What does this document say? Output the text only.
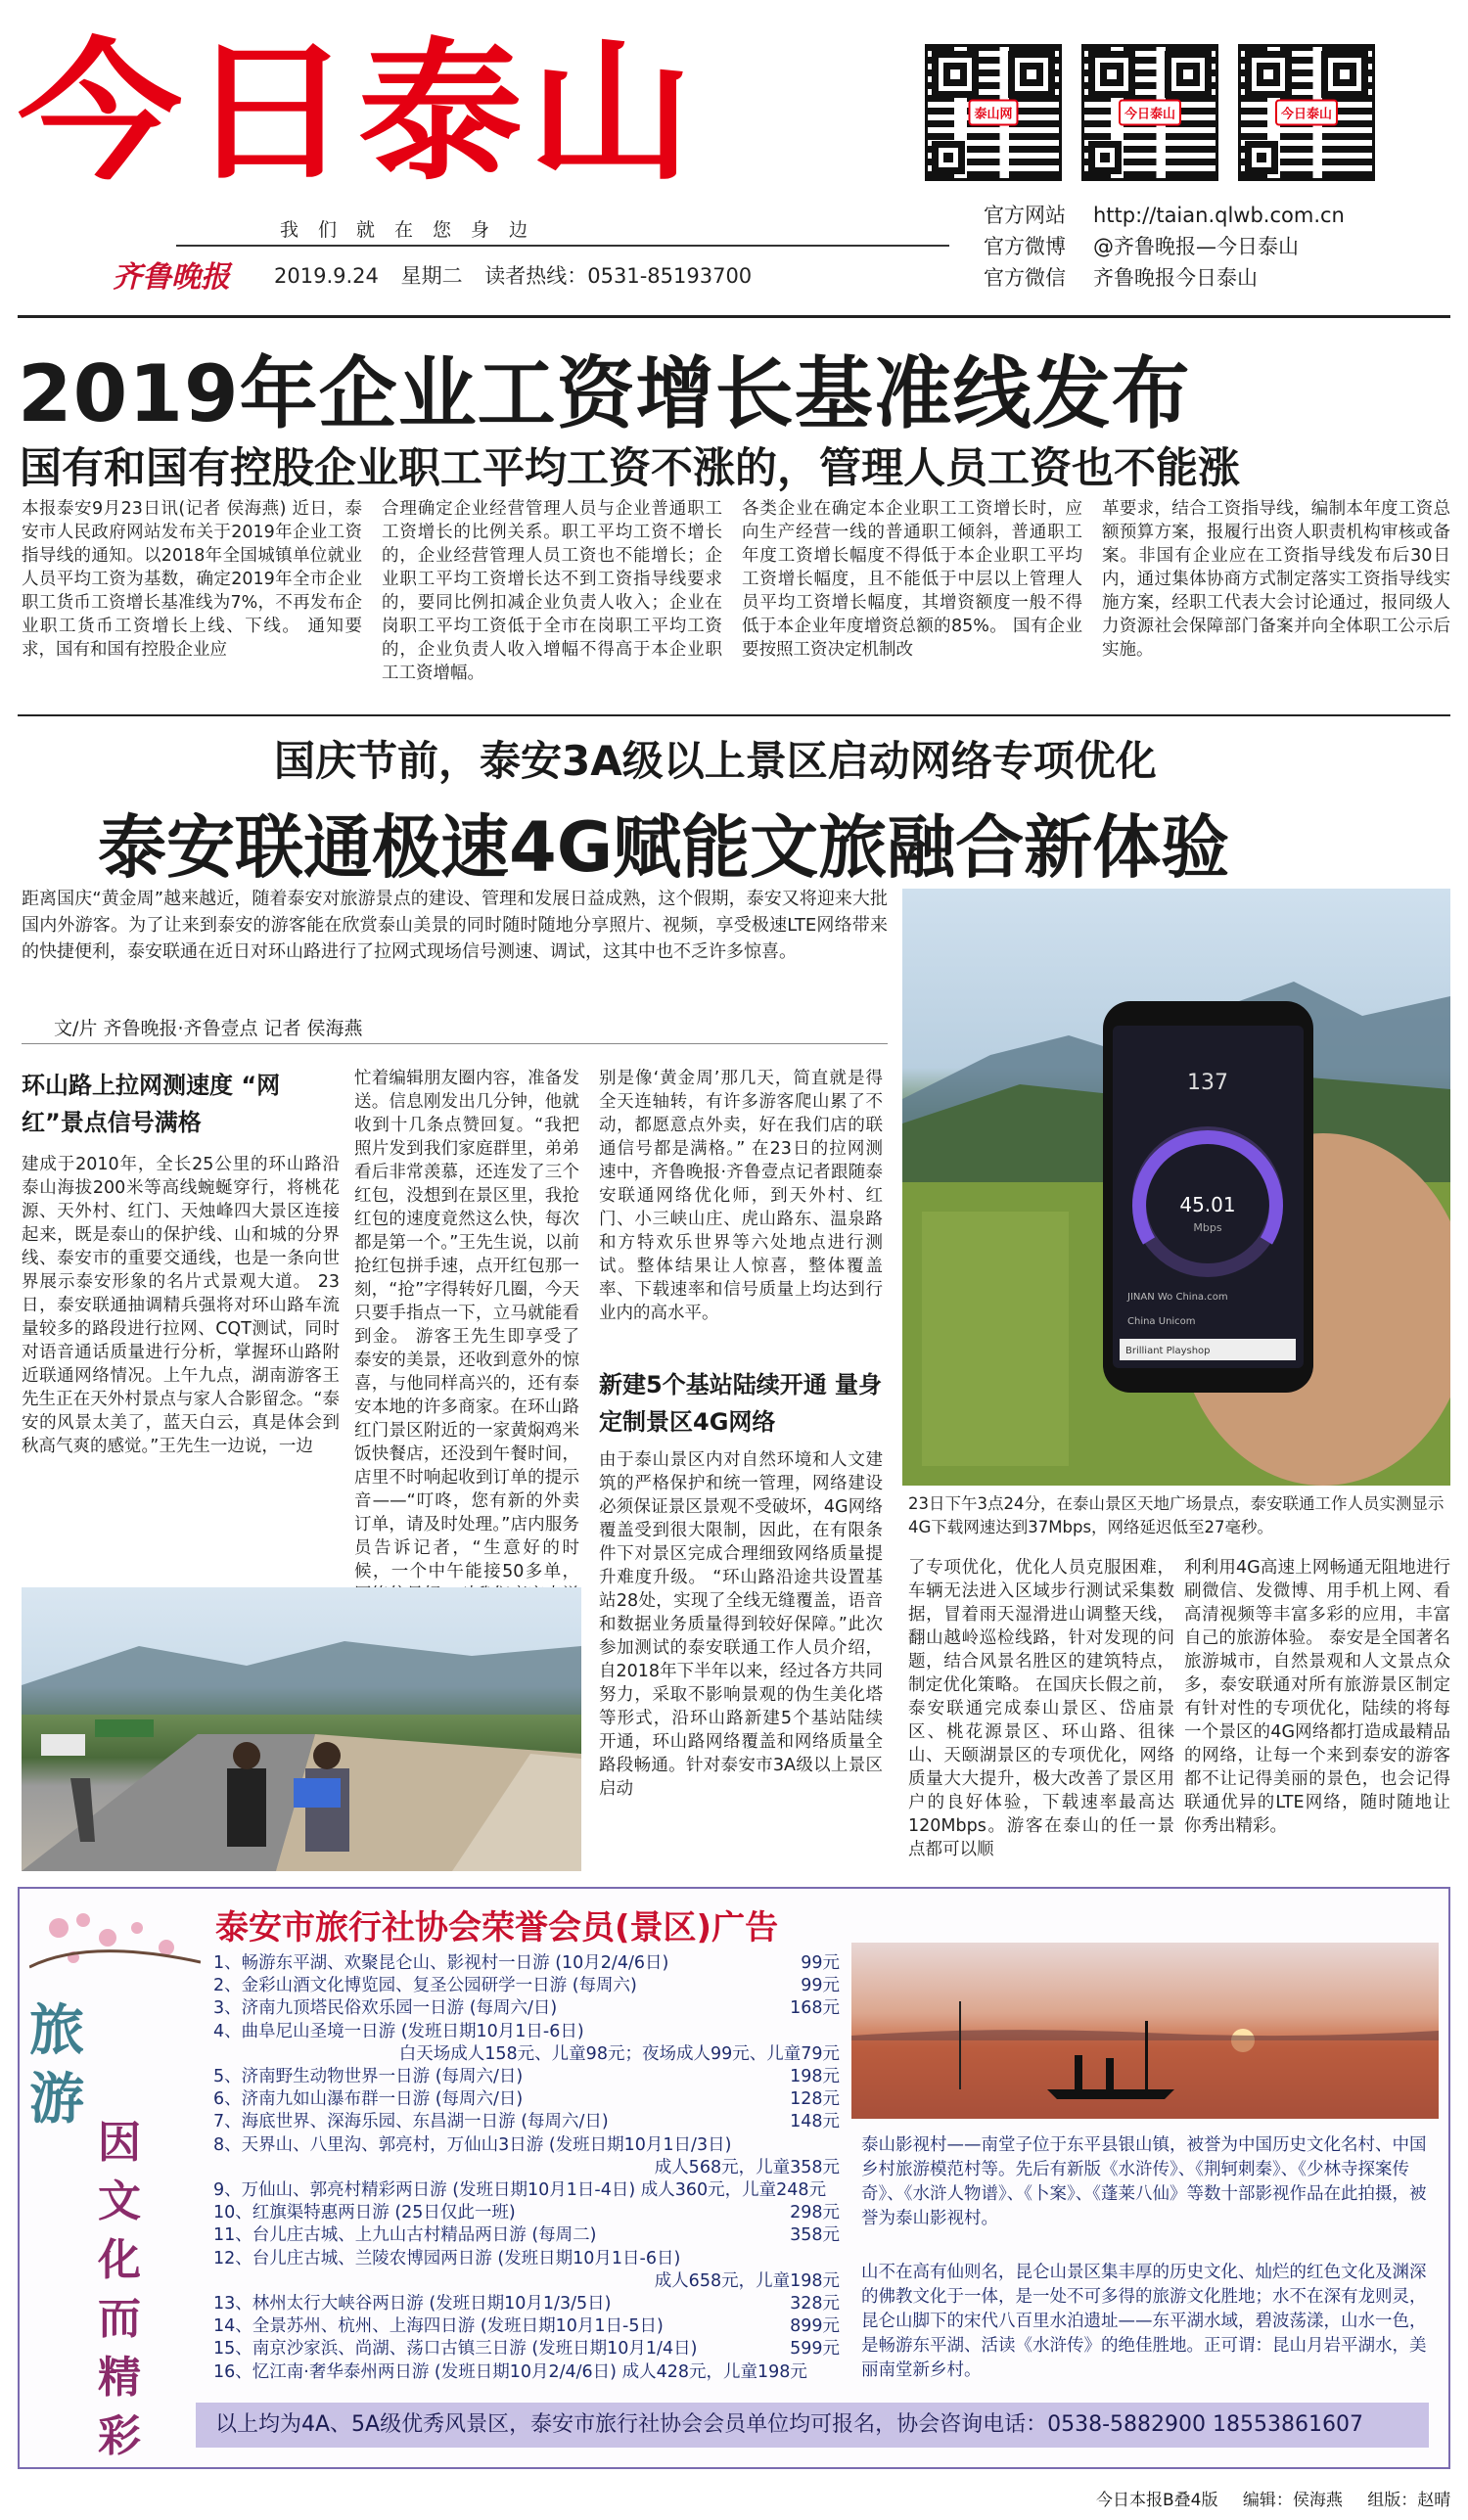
今日泰山
我们就在您身边
齐鲁晚报 2019.9.24 星期二 读者热线：0531-85193700
泰山网	今日泰山	今日泰山
官方网站	http://taian.qlwb.com.cn
官方微博	@齐鲁晚报—今日泰山
官方微信	齐鲁晚报今日泰山
2019年企业工资增长基准线发布
国有和国有控股企业职工平均工资不涨的，管理人员工资也不能涨
本报泰安9月23日讯(记者 侯海燕) 近日，泰安市人民政府网站发布关于2019年企业工资指导线的通知。以2018年全国城镇单位就业人员平均工资为基数，确定2019年全市企业职工货币工资增长基准线为7%，不再发布企业职工货币工资增长上线、下线。 通知要求，国有和国有控股企业应
合理确定企业经营管理人员与企业普通职工工资增长的比例关系。职工平均工资不增长的，企业经营管理人员工资也不能增长；企业职工平均工资增长达不到工资指导线要求的，要同比例扣减企业负责人收入；企业在岗职工平均工资低于全市在岗职工平均工资的，企业负责人收入增幅不得高于本企业职工工资增幅。
各类企业在确定本企业职工工资增长时，应向生产经营一线的普通职工倾斜，普通职工年度工资增长幅度不得低于本企业职工平均工资增长幅度，且不能低于中层以上管理人员平均工资增长幅度，其增资额度一般不得低于本企业年度增资总额的85%。 国有企业要按照工资决定机制改
革要求，结合工资指导线，编制本年度工资总额预算方案，报履行出资人职责机构审核或备案。非国有企业应在工资指导线发布后30日内，通过集体协商方式制定落实工资指导线实施方案，经职工代表大会讨论通过，报同级人力资源社会保障部门备案并向全体职工公示后实施。
国庆节前，泰安3A级以上景区启动网络专项优化
泰安联通极速4G赋能文旅融合新体验
距离国庆“黄金周”越来越近，随着泰安对旅游景点的建设、管理和发展日益成熟，这个假期，泰安又将迎来大批国内外游客。为了让来到泰安的游客能在欣赏泰山美景的同时随时随地分享照片、视频，享受极速LTE网络带来的快捷便利，泰安联通在近日对环山路进行了拉网式现场信号测速、调试，这其中也不乏许多惊喜。
文/片 齐鲁晚报·齐鲁壹点 记者 侯海燕
45.01
Mbps
137
JINAN Wo China.com
China Unicom
Brilliant Playshop
23日下午3点24分，在泰山景区天地广场景点，泰安联通工作人员实测显示4G下载网速达到37Mbps，网络延迟低至27毫秒。
环山路上拉网测速度 “网红”景点信号满格
建成于2010年，全长25公里的环山路沿泰山海拔200米等高线蜿蜒穿行，将桃花源、天外村、红门、天烛峰四大景区连接起来，既是泰山的保护线、山和城的分界线、泰安市的重要交通线，也是一条向世界展示泰安形象的名片式景观大道。 23日，泰安联通抽调精兵强将对环山路车流量较多的路段进行拉网、CQT测试，同时对语音通话质量进行分析，掌握环山路附近联通网络情况。上午九点，湖南游客王先生正在天外村景点与家人合影留念。“泰安的风景太美了，蓝天白云，真是体会到秋高气爽的感觉。”王先生一边说，一边
忙着编辑朋友圈内容，准备发送。信息刚发出几分钟，他就收到十几条点赞回复。“我把照片发到我们家庭群里，弟弟看后非常羡慕，还连发了三个红包，没想到在景区里，我抢红包的速度竟然这么快，每次都是第一个。”王先生说，以前抢红包拼手速，点开红包那一刻，“抢”字得转好几圈，今天只要手指点一下，立马就能看到金。 游客王先生即享受了泰安的美景，还收到意外的惊喜，与他同样高兴的，还有泰安本地的许多商家。在环山路红门景区附近的一家黄焖鸡米饭快餐店，还没到午餐时间，店里不时响起收到订单的提示音——“叮咚，您有新的外卖订单，请及时处理。”店内服务员告诉记者，“生意好的时候，一个中午能接50多单，
别是像‘黄金周’那几天，简直就是得全天连轴转，有许多游客爬山累了不动，都愿意点外卖，好在我们店的联通信号都是满格。” 在23日的拉网测速中，齐鲁晚报·齐鲁壹点记者跟随泰安联通网络优化师，到天外村、红门、小三峡山庄、虎山路东、温泉路和方特欢乐世界等六处地点进行测试。整体结果让人惊喜，整体覆盖率、下载速率和信号质量上均达到行业内的高水平。
新建5个基站陆续开通 量身定制景区4G网络
由于泰山景区内对自然环境和人文建筑的严格保护和统一管理，网络建设必须保证景区景观不受破坏，4G网络覆盖受到很大限制，因此，在有限条件下对景区完成合理细致网络质量提升难度升级。 “环山路沿途共设置基站28处，实现了全线无缝覆盖，语音和数据业务质量得到较好保障。”此次参加测试的泰安联通工作人员介绍，自2018年下半年以来，经过各方共同努力，采取不影响景观的伪生美化塔等形式，沿环山路新建5个基站陆续开通，环山路网络覆盖和网络质量全路段畅通。针对泰安市3A级以上景区启动
了专项优化，优化人员克服困难，车辆无法进入区域步行测试采集数据，冒着雨天湿滑进山调整天线，翻山越岭巡检线路，针对发现的问题，结合风景名胜区的建筑特点，制定优化策略。 在国庆长假之前，泰安联通完成泰山景区、岱庙景区、桃花源景区、环山路、徂徕山、天颐湖景区的专项优化，网络质量大大提升，极大改善了景区用户的良好体验，下载速率最高达120Mbps。游客在泰山的任一景点都可以顺
利利用4G高速上网畅通无阻地进行刷微信、发微博、用手机上网、看高清视频等丰富多彩的应用，丰富自己的旅游体验。 泰安是全国著名旅游城市，自然景观和人文景点众多，泰安联通对所有旅游景区制定有针对性的专项优化，陆续的将每一个景区的4G网络都打造成最精品的网络，让每一个来到泰安的游客都不让记得美丽的景色，也会记得联通优异的LTE网络，随时随地让你秀出精彩。
旅
游
因
文
化
而
精
彩
泰安市旅行社协会荣誉会员(景区)广告
1、畅游东平湖、欢聚昆仑山、影视村一日游 (10月2/4/6日)	99元
2、金彩山酒文化博览园、复圣公园研学一日游 (每周六)	99元
3、济南九顶塔民俗欢乐园一日游 (每周六/日)	168元
4、曲阜尼山圣境一日游 (发班日期10月1日-6日)
白天场成人158元、儿童98元；夜场成人99元、儿童79元
5、济南野生动物世界一日游 (每周六/日)	198元
6、济南九如山瀑布群一日游 (每周六/日)	128元
7、海底世界、深海乐园、东昌湖一日游 (每周六/日)	148元
8、天界山、八里沟、郭亮村，万仙山3日游 (发班日期10月1日/3日)
成人568元，儿童358元
9、万仙山、郭亮村精彩两日游 (发班日期10月1日-4日) 成人360元，儿童248元
10、红旗渠特惠两日游 (25日仅此一班)	298元
11、台儿庄古城、上九山古村精品两日游 (每周二)	358元
12、台儿庄古城、兰陵农博园两日游 (发班日期10月1日-6日)
成人658元，儿童198元
13、林州太行大峡谷两日游 (发班日期10月1/3/5日)	328元
14、全景苏州、杭州、上海四日游 (发班日期10月1日-5日)	899元
15、南京沙家浜、尚湖、荡口古镇三日游 (发班日期10月1/4日)	599元
16、忆江南·奢华泰州两日游 (发班日期10月2/4/6日) 成人428元，儿童198元
泰山影视村——南堂子位于东平县银山镇，被誉为中国历史文化名村、中国乡村旅游模范村等。先后有新版《水浒传》、《荆轲刺秦》、《少林寺探案传奇》、《水浒人物谱》、《卜案》、《蓬莱八仙》等数十部影视作品在此拍摄，被誉为泰山影视村。
山不在高有仙则名，昆仑山景区集丰厚的历史文化、灿烂的红色文化及渊深的佛教文化于一体，是一处不可多得的旅游文化胜地；水不在深有龙则灵，昆仑山脚下的宋代八百里水泊遗址——东平湖水域，碧波荡漾，山水一色，是畅游东平湖、活读《水浒传》的绝佳胜地。正可谓：昆山月岩平湖水，美丽南堂新乡村。
以上均为4A、5A级优秀风景区，泰安市旅行社协会会员单位均可报名，协会咨询电话：0538-5882900 18553861607
今日本报B叠4版 编辑：侯海燕 组版：赵晴
